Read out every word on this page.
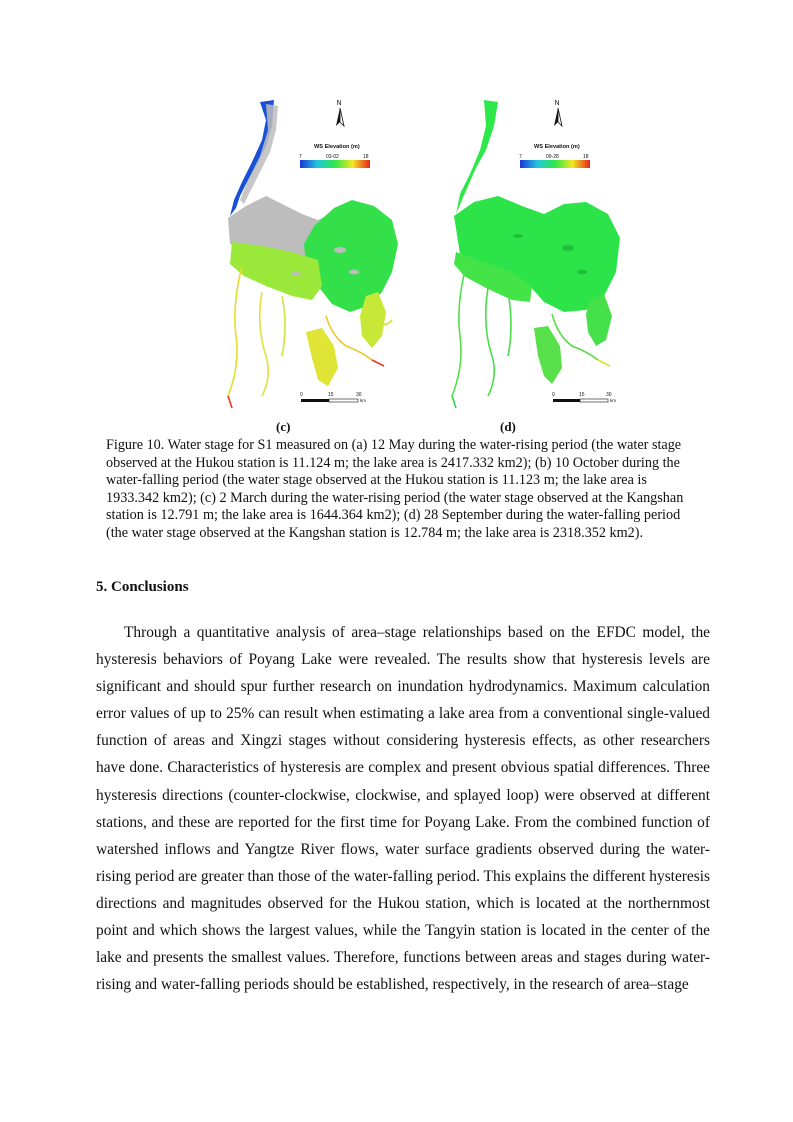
N
WS Elevation (m)
7	03-02	18
0	15	30
km
N
WS Elevation (m)
7	09-28	18
0	15	30
km
(c)	(d)
Figure 10. Water stage for S1 measured on (a) 12 May during the water-rising period (the water stage observed at the Hukou station is 11.124 m; the lake area is 2417.332 km2); (b) 10 October during the water-falling period (the water stage observed at the Hukou station is 11.123 m; the lake area is 1933.342 km2); (c) 2 March during the water-rising period (the water stage observed at the Kangshan station is 12.791 m; the lake area is 1644.364 km2); (d) 28 September during the water-falling period (the water stage observed at the Kangshan station is 12.784 m; the lake area is 2318.352 km2).
5. Conclusions

Through a quantitative analysis of area–stage relationships based on the EFDC model, the hysteresis behaviors of Poyang Lake were revealed. The results show that hysteresis levels are significant and should spur further research on inundation hydrodynamics. Maximum calculation error values of up to 25% can result when estimating a lake area from a conventional single-valued function of areas and Xingzi stages without considering hysteresis effects, as other researchers have done. Characteristics of hysteresis are complex and present obvious spatial differences. Three hysteresis directions (counter-clockwise, clockwise, and splayed loop) were observed at different stations, and these are reported for the first time for Poyang Lake. From the combined function of watershed inflows and Yangtze River flows, water surface gradients observed during the water-rising period are greater than those of the water-falling period. This explains the different hysteresis directions and magnitudes observed for the Hukou station, which is located at the northernmost point and which shows the largest values, while the Tangyin station is located in the center of the lake and presents the smallest values. Therefore, functions between areas and stages during water-rising and water-falling periods should be established, respectively, in the research of area–stage
